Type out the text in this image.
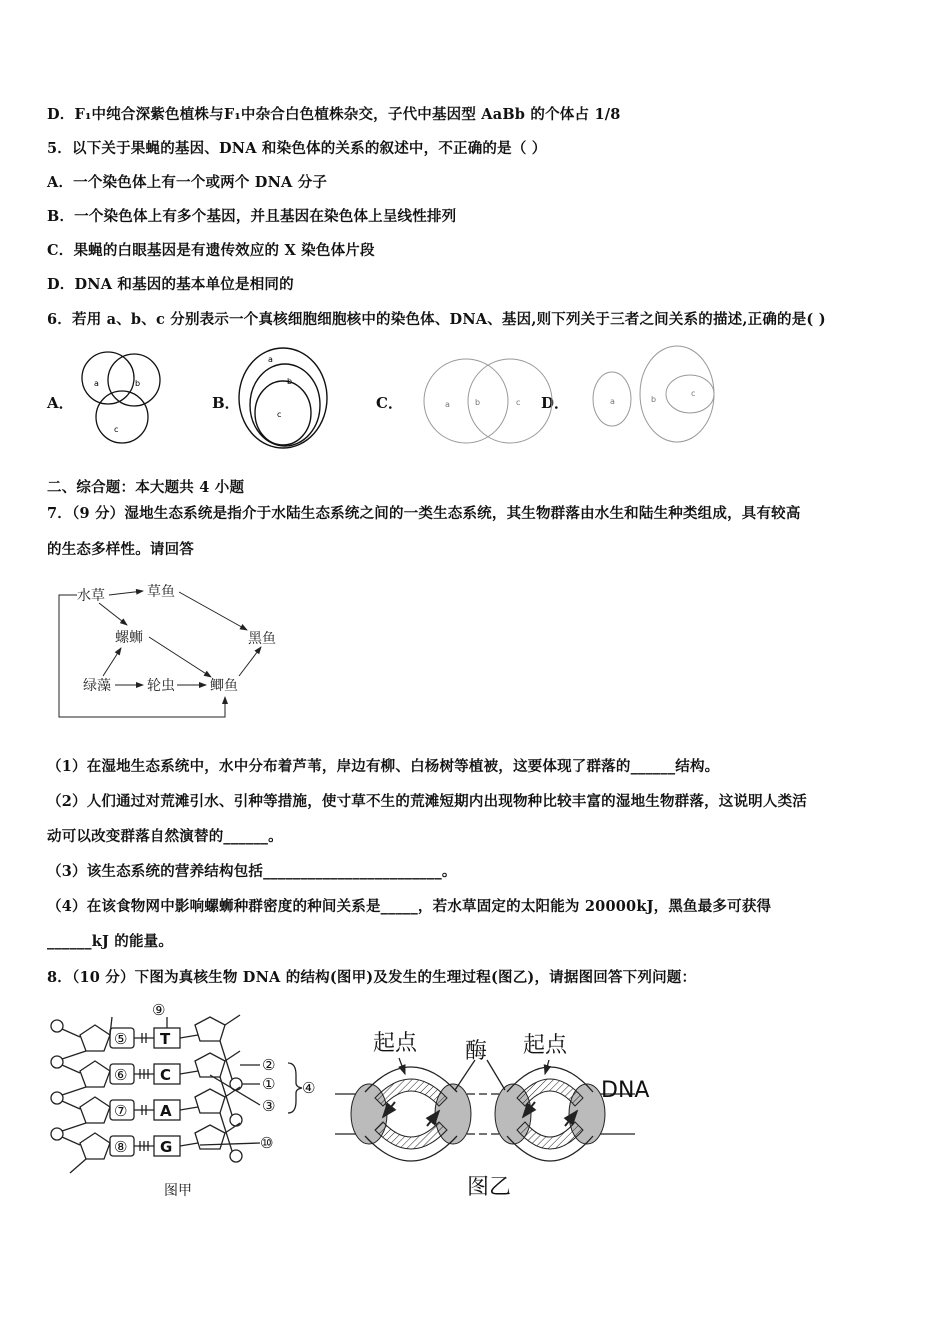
D．F₁中纯合深紫色植株与F₁中杂合白色植株杂交，子代中基因型 AaBb 的个体占 1/8
5．以下关于果蝇的基因、DNA 和染色体的关系的叙述中，不正确的是（ ）
A．一个染色体上有一个或两个 DNA 分子
B．一个染色体上有多个基因，并且基因在染色体上呈线性排列
C．果蝇的白眼基因是有遗传效应的 X 染色体片段
D．DNA 和基因的基本单位是相同的
6．若用 a、b、c 分别表示一个真核细胞细胞核中的染色体、DNA、基因,则下列关于三者之间关系的描述,正确的是( )
A．	B．	C．	D．
a	b
c
a
b
c
a	b	c	a	b
c
二、综合题：本大题共 4 小题
7．（9 分）湿地生态系统是指介于水陆生态系统之间的一类生态系统，其生物群落由水生和陆生种类组成，具有较高
的生态多样性。请回答
水草	草鱼
螺蛳	黑鱼
绿藻	轮虫	鲫鱼
（1）在湿地生态系统中，水中分布着芦苇，岸边有柳、白杨树等植被，这要体现了群落的______结构。
（2）人们通过对荒滩引水、引种等措施，使寸草不生的荒滩短期内出现物种比较丰富的湿地生物群落，这说明人类活
动可以改变群落自然演替的______。
（3）该生态系统的营养结构包括________________________。
（4）在该食物网中影响螺蛳种群密度的种间关系是_____，若水草固定的太阳能为 20000kJ，黑鱼最多可获得
______kJ 的能量。
8．（10 分）下图为真核生物 DNA 的结构(图甲)及发生的生理过程(图乙)，请据图回答下列问题：
⑨
⑤
⑥
⑦
⑧
T
C
A
G
②
①
③
④
⑩
图甲
起点 酶 起点
DNA
图乙
